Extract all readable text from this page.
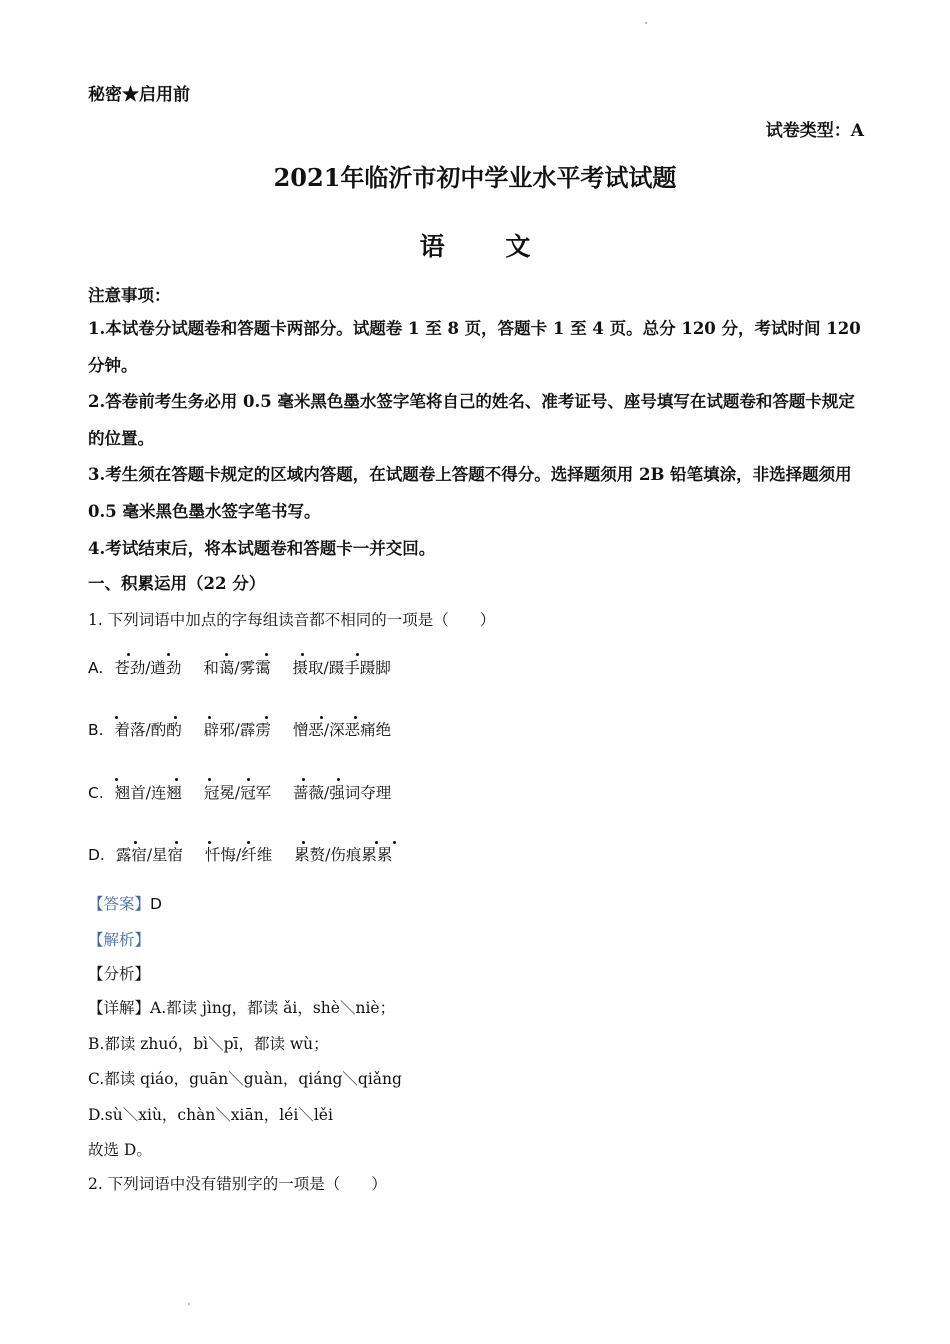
秘密★启用前
试卷类型：A
2021年临沂市初中学业水平考试试题
语 文
注意事项：
1.本试卷分试题卷和答题卡两部分。试题卷 1 至 8 页，答题卡 1 至 4 页。总分 120 分，考试时间 120 分钟。
2.答卷前考生务必用 0.5 毫米黑色墨水签字笔将自己的姓名、准考证号、座号填写在试题卷和答题卡规定的位置。
3.考生须在答题卡规定的区域内答题，在试题卷上答题不得分。选择题须用 2B 铅笔填涂，非选择题须用 0.5 毫米黑色墨水签字笔书写。
4.考试结束后，将本试题卷和答题卡一并交回。
一、积累运用（22 分）
1. 下列词语中加点的字每组读音都不相同的一项是（　　）
A. 苍劲/遒劲 和蔼/雾霭 摄取/蹑手蹑脚
B. 着落/酌酌 辟邪/霹雳 憎恶/深恶痛绝
C. 翘首/连翘 冠冕/冠军 蔷薇/强词夺理
D. 露宿/星宿 忏悔/纤维 累赘/伤痕累累
【答案】D
【解析】
【分析】
【详解】A.都读 jìng，都读 ǎi，shè＼niè；
B.都读 zhuó，bì＼pī，都读 wù；
C.都读 qiáo，guān＼guàn，qiáng＼qiǎng
D.sù＼xiù，chàn＼xiān，léi＼lěi
故选 D。
2. 下列词语中没有错别字的一项是（　　）
